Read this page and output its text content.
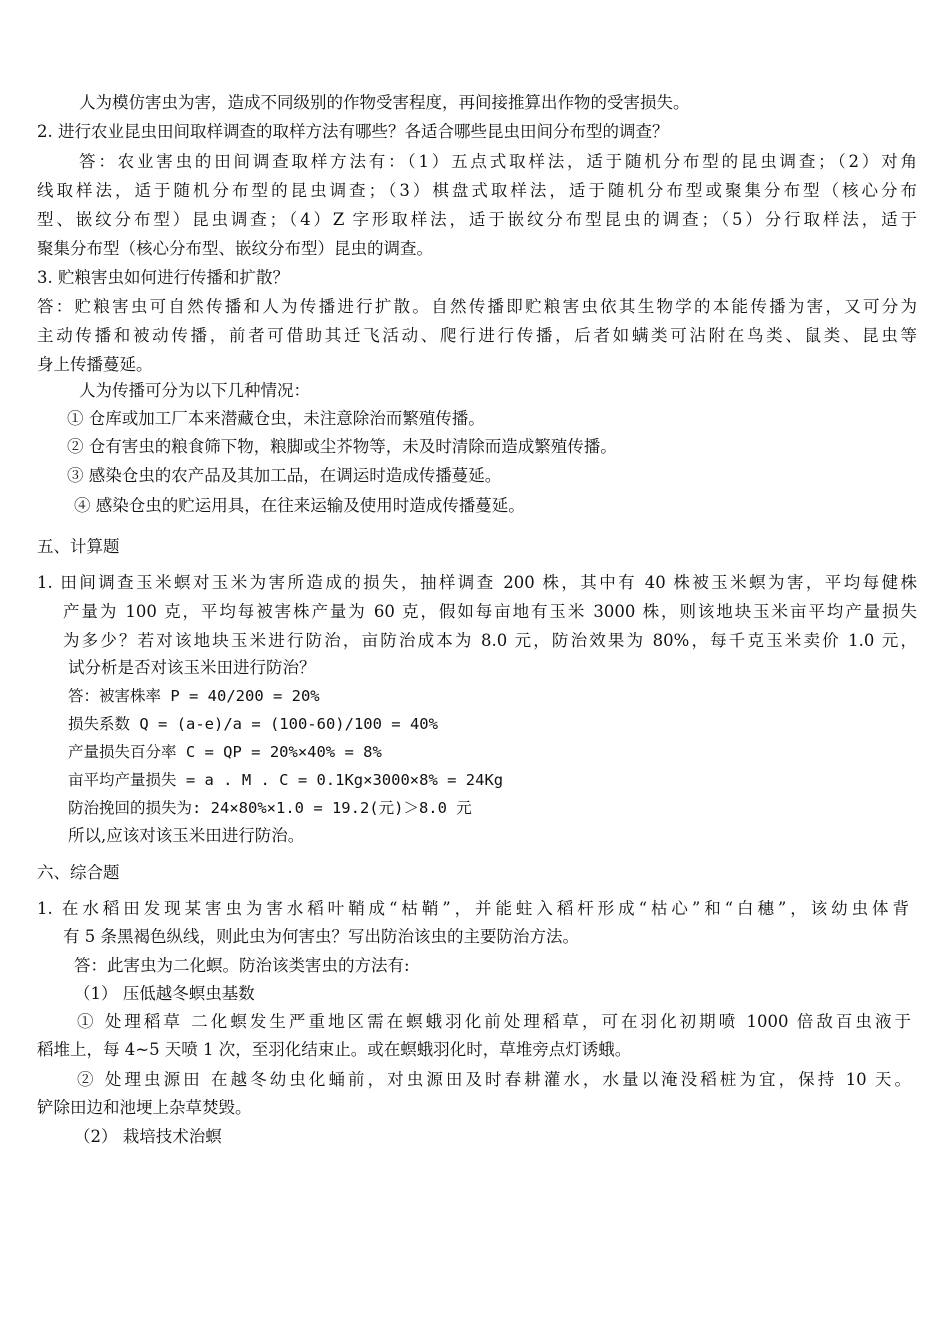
人为模仿害虫为害，造成不同级别的作物受害程度，再间接推算出作物的受害损失。
2. 进行农业昆虫田间取样调查的取样方法有哪些？各适合哪些昆虫田间分布型的调查？
答：农业害虫的田间调查取样方法有：（1）五点式取样法，适于随机分布型的昆虫调查；（2）对角
线取样法，适于随机分布型的昆虫调查；（3）棋盘式取样法，适于随机分布型或聚集分布型（核心分布
型、嵌纹分布型）昆虫调查；（4）Z 字形取样法，适于嵌纹分布型昆虫的调查；（5）分行取样法，适于
聚集分布型（核心分布型、嵌纹分布型）昆虫的调查。
3. 贮粮害虫如何进行传播和扩散？
答：贮粮害虫可自然传播和人为传播进行扩散。自然传播即贮粮害虫依其生物学的本能传播为害，又可分为
主动传播和被动传播，前者可借助其迁飞活动、爬行进行传播，后者如螨类可沾附在鸟类、鼠类、昆虫等
身上传播蔓延。
人为传播可分为以下几种情况：
① 仓库或加工厂本来潜藏仓虫，未注意除治而繁殖传播。
② 仓有害虫的粮食筛下物，粮脚或尘芥物等，未及时清除而造成繁殖传播。
③ 感染仓虫的农产品及其加工品，在调运时造成传播蔓延。
④ 感染仓虫的贮运用具，在往来运输及使用时造成传播蔓延。
五、计算题
1. 田间调查玉米螟对玉米为害所造成的损失，抽样调查 200 株，其中有 40 株被玉米螟为害，平均每健株
产量为 100 克，平均每被害株产量为 60 克，假如每亩地有玉米 3000 株，则该地块玉米亩平均产量损失
为多少？若对该地块玉米进行防治，亩防治成本为 8.0 元，防治效果为 80%，每千克玉米卖价 1.0 元，
试分析是否对该玉米田进行防治？
答：被害株率 P = 40/200 = 20%
损失系数 Q = (a-e)/a = (100-60)/100 = 40%
产量损失百分率 C = QP = 20%×40% = 8%
亩平均产量损失 = a . M . C = 0.1Kg×3000×8% = 24Kg
防治挽回的损失为: 24×80%×1.0 = 19.2(元)＞8.0 元
所以,应该对该玉米田进行防治。
六、综合题
1. 在水稻田发现某害虫为害水稻叶鞘成“枯鞘”，并能蛀入稻杆形成“枯心”和“白穗”，该幼虫体背
有 5 条黑褐色纵线，则此虫为何害虫？写出防治该虫的主要防治方法。
答：此害虫为二化螟。防治该类害虫的方法有:
（1） 压低越冬螟虫基数
① 处理稻草 二化螟发生严重地区需在螟蛾羽化前处理稻草，可在羽化初期喷 1000 倍敌百虫液于
稻堆上，每 4~5 天喷 1 次，至羽化结束止。或在螟蛾羽化时，草堆旁点灯诱蛾。
② 处理虫源田 在越冬幼虫化蛹前，对虫源田及时春耕灌水，水量以淹没稻桩为宜，保持 10 天。
铲除田边和池埂上杂草焚毁。
（2） 栽培技术治螟
